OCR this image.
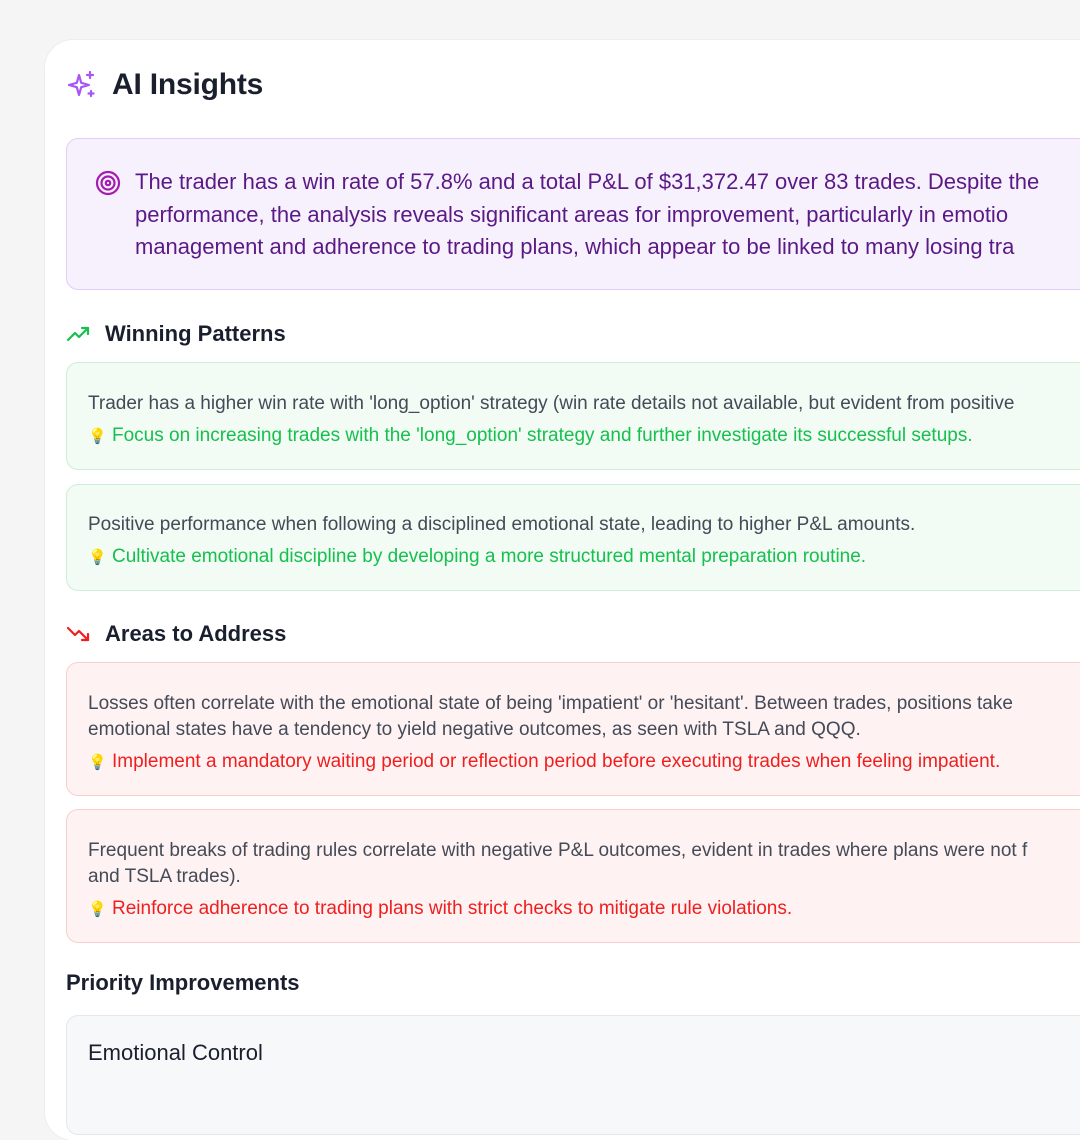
AI Insights
The trader has a win rate of 57.8% and a total P&L of $31,372.47 over 83 trades. Despite the
performance, the analysis reveals significant areas for improvement, particularly in emotio
management and adherence to trading plans, which appear to be linked to many losing tra
Winning Patterns
Trader has a higher win rate with 'long_option' strategy (win rate details not available, but evident from positive
💡 Focus on increasing trades with the 'long_option' strategy and further investigate its successful setups.
Positive performance when following a disciplined emotional state, leading to higher P&L amounts.
💡 Cultivate emotional discipline by developing a more structured mental preparation routine.
Areas to Address
Losses often correlate with the emotional state of being 'impatient' or 'hesitant'. Between trades, positions take
emotional states have a tendency to yield negative outcomes, as seen with TSLA and QQQ.
💡 Implement a mandatory waiting period or reflection period before executing trades when feeling impatient.
Frequent breaks of trading rules correlate with negative P&L outcomes, evident in trades where plans were not f
and TSLA trades).
💡 Reinforce adherence to trading plans with strict checks to mitigate rule violations.
Priority Improvements
Emotional Control
